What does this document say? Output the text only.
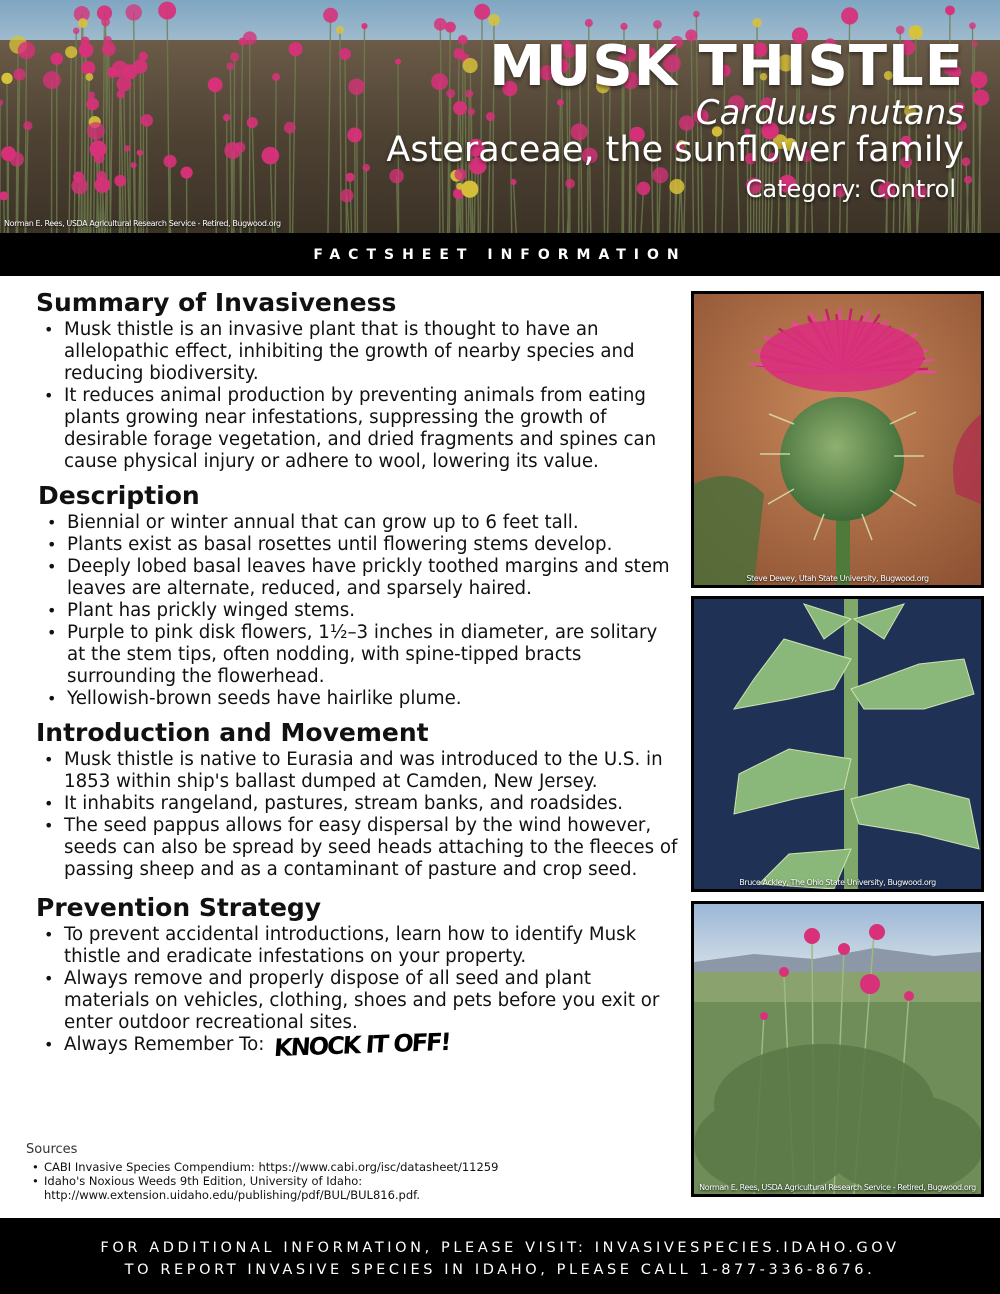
MUSK THISTLE
Carduus nutans
Asteraceae, the sunflower family
Category: Control
Norman E. Rees, USDA Agricultural Research Service - Retired, Bugwood.org
FACTSHEET INFORMATION
Summary of Invasiveness
• Musk thistle is an invasive plant that is thought to have an allelopathic effect, inhibiting the growth of nearby species and reducing biodiversity.
• It reduces animal production by preventing animals from eating plants growing near infestations, suppressing the growth of desirable forage vegetation, and dried fragments and spines can cause physical injury or adhere to wool, lowering its value.
Description
• Biennial or winter annual that can grow up to 6 feet tall.
• Plants exist as basal rosettes until flowering stems develop.
• Deeply lobed basal leaves have prickly toothed margins and stem leaves are alternate, reduced, and sparsely haired.
• Plant has prickly winged stems.
• Purple to pink disk flowers, 1½–3 inches in diameter, are solitary at the stem tips, often nodding, with spine-tipped bracts surrounding the flowerhead.
• Yellowish-brown seeds have hairlike plume.
Introduction and Movement
• Musk thistle is native to Eurasia and was introduced to the U.S. in 1853 within ship's ballast dumped at Camden, New Jersey.
• It inhabits rangeland, pastures, stream banks, and roadsides.
• The seed pappus allows for easy dispersal by the wind however, seeds can also be spread by seed heads attaching to the fleeces of passing sheep and as a contaminant of pasture and crop seed.
Prevention Strategy
• To prevent accidental introductions, learn how to identify Musk thistle and eradicate infestations on your property.
• Always remove and properly dispose of all seed and plant materials on vehicles, clothing, shoes and pets before you exit or enter outdoor recreational sites.
• Always Remember To: KNOCK IT OFF!
Sources
• CABI Invasive Species Compendium: https://www.cabi.org/isc/datasheet/11259
• Idaho's Noxious Weeds 9th Edition, University of Idaho:
http://www.extension.uidaho.edu/publishing/pdf/BUL/BUL816.pdf.
Steve Dewey, Utah State University, Bugwood.org
Bruce Ackley, The Ohio State University, Bugwood.org
Norman E. Rees, USDA Agricultural Research Service - Retired, Bugwood.org
FOR ADDITIONAL INFORMATION, PLEASE VISIT: INVASIVESPECIES.IDAHO.GOV
TO REPORT INVASIVE SPECIES IN IDAHO, PLEASE CALL 1-877-336-8676.
